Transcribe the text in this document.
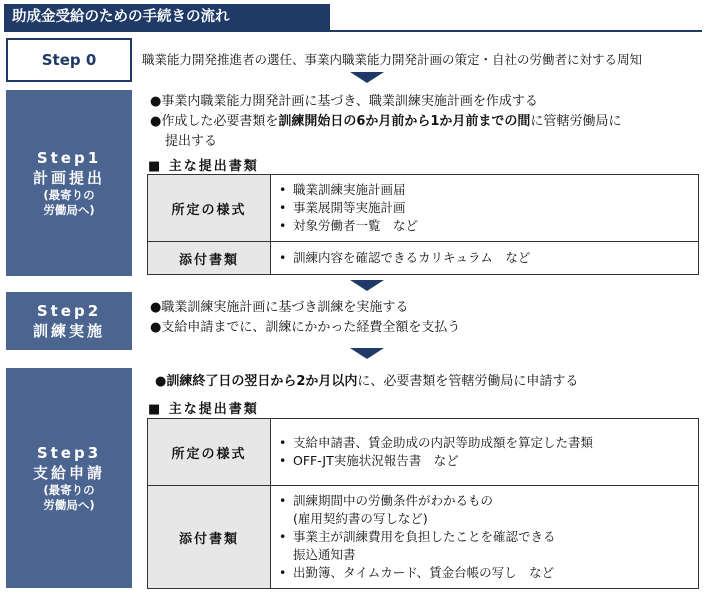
助成金受給のための手続きの流れ
Step 0	職業能力開発推進者の選任、事業内職業能力開発計画の策定・自社の労働者に対する周知
Step1
計画提出
(最寄りの
労働局へ)
●事業内職業能力開発計画に基づき、職業訓練実施計画を作成する
●作成した必要書類を訓練開始日の6か月前から1か月前までの間に管轄労働局に
提出する
■ 主な提出書類
所定の様式	• 職業訓練実施計画届
• 事業展開等実施計画
• 対象労働者一覧　など

添付書類	• 訓練内容を確認できるカリキュラム　など
Step2
訓練実施
●職業訓練実施計画に基づき訓練を実施する
●支給申請までに、訓練にかかった経費全額を支払う
Step3
支給申請
(最寄りの
労働局へ)
●訓練終了日の翌日から2か月以内に、必要書類を管轄労働局に申請する
■ 主な提出書類
所定の様式	• 支給申請書、賃金助成の内訳等助成額を算定した書類
• OFF-JT実施状況報告書　など

添付書類	• 訓練期間中の労働条件がわかるもの
(雇用契約書の写しなど)
• 事業主が訓練費用を負担したことを確認できる
振込通知書
• 出勤簿、タイムカード、賃金台帳の写し　など
